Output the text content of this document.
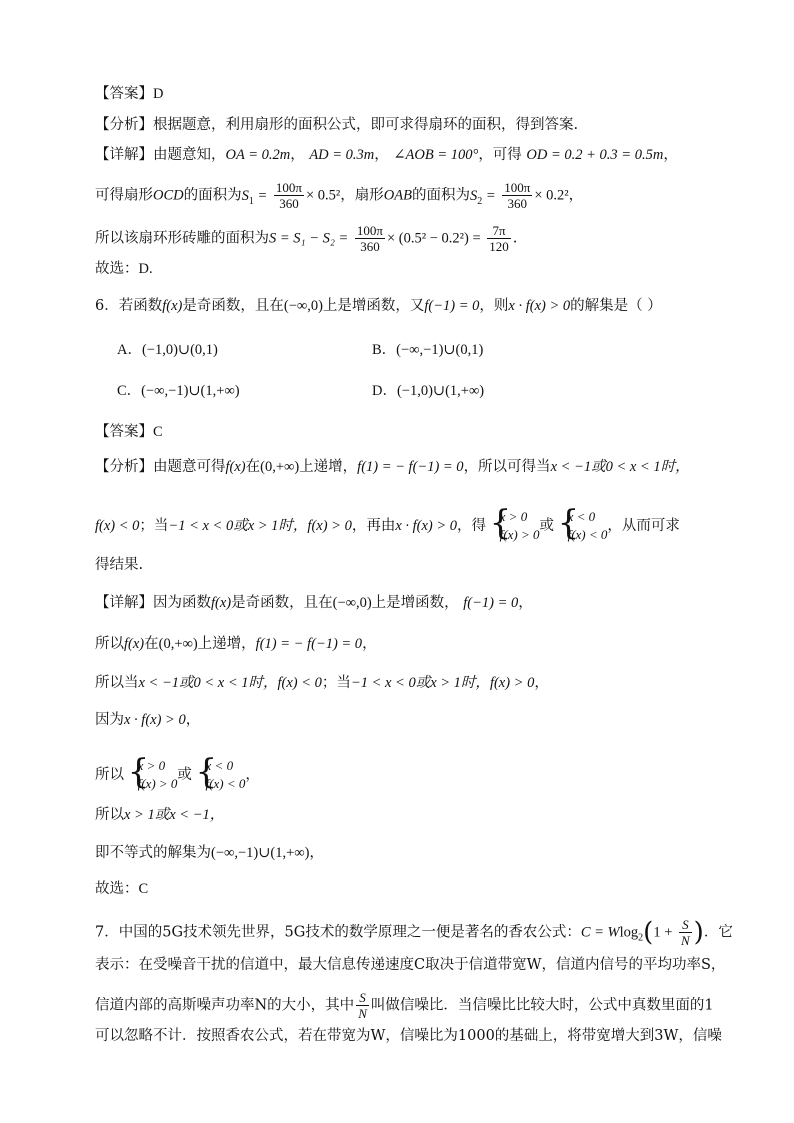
【答案】D
【分析】根据题意，利用扇形的面积公式，即可求得扇环的面积，得到答案.
【详解】由题意知，OA = 0.2m， AD = 0.3m， ∠AOB = 100°，可得 OD = 0.2 + 0.3 = 0.5m，
可得扇形OCD的面积为$S_1 = \frac{100\pi}{360} \times 0.5^2$，扇形OAB的面积为$S_2 = \frac{100\pi}{360} \times 0.2^2$，
所以该扇环形砖雕的面积为$S = S_1 - S_2 = \frac{100\pi}{360} \times (0.5^2 - 0.2^2) = \frac{7\pi}{120}$ .
故选：D.
6．若函数f(x)是奇函数，且在(−∞,0)上是增函数，又f(−1) = 0，则x · f(x) > 0的解集是（ ）
A．(−1,0)∪(0,1)	B．(−∞,−1)∪(0,1)
C．(−∞,−1)∪(1,+∞)	D．(−1,0)∪(1,+∞)
【答案】C
【分析】由题意可得f(x)在(0,+∞)上递增，f(1) = − f(−1) = 0，所以可得当x < −1或0 < x < 1时，
f(x) < 0；当−1 < x < 0或x > 1时，f(x) > 0，再由x · f(x) > 0，得
{ x > 0
f(x) > 0
或
{ x < 0
f(x) < 0
，从而可求
得结果.
【详解】因为函数f(x)是奇函数，且在(−∞,0)上是增函数， f(−1) = 0，
所以f(x)在(0,+∞)上递增，f(1) = − f(−1) = 0，
所以当x < −1或0 < x < 1时，f(x) < 0；当−1 < x < 0或x > 1时，f(x) > 0，
因为x · f(x) > 0，
所以
{ x > 0
f(x) > 0
或
{ x < 0
f(x) < 0
，
所以x > 1或x < −1，
即不等式的解集为(−∞,−1)∪(1,+∞)，
故选：C
7．中国的5G技术领先世界，5G技术的数学原理之一便是著名的香农公式：$C = Wlog_2(1 + \frac{S}{N}$ )．它
表示：在受噪音干扰的信道中，最大信息传递速度C取决于信道带宽W，信道内信号的平均功率S，
信道内部的高斯噪声功率N的大小，其中 $\frac{S}{N}$ 叫做信噪比．当信噪比比较大时，公式中真数里面的1
可以忽略不计．按照香农公式，若在带宽为W，信噪比为1000的基础上，将带宽增大到3W，信噪
